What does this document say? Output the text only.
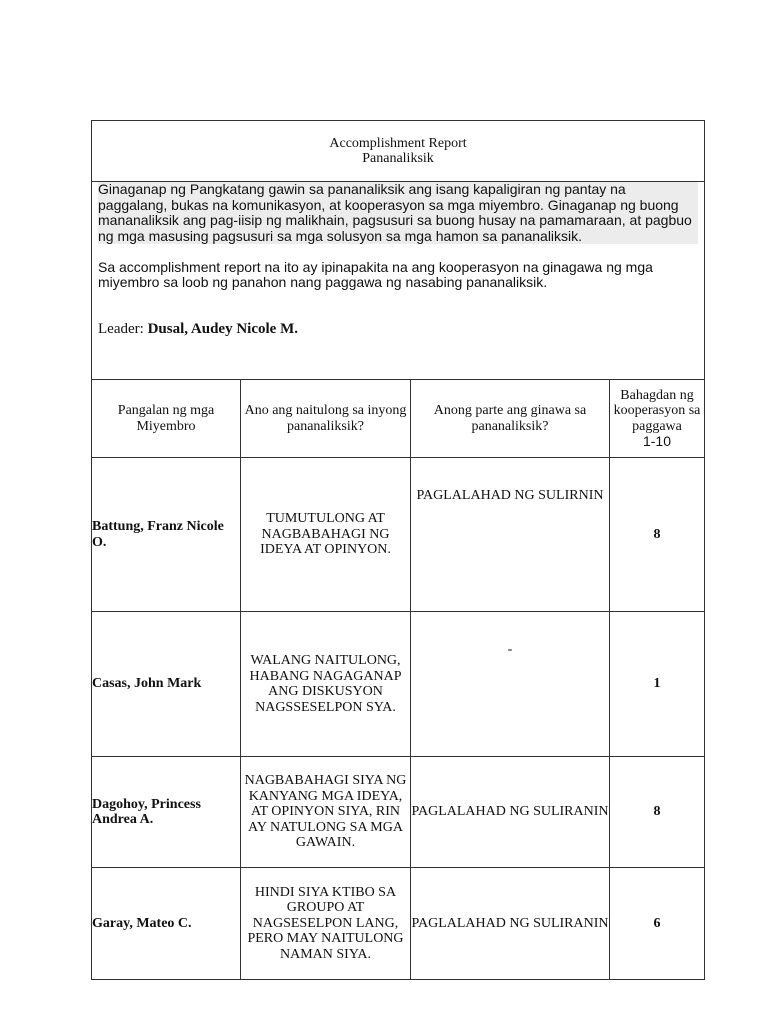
Accomplishment Report
Pananaliksik			

Ginaganap ng Pangkatang gawin sa pananaliksik ang isang kapaligiran ng pantay na paggalang, bukas na komunikasyon, at kooperasyon sa mga miyembro. Ginaganap ng buong mananaliksik ang pag-iisip ng malikhain, pagsusuri sa buong husay na pamamaraan, at pagbuo ng mga masusing pagsusuri sa mga solusyon sa mga hamon sa pananaliksik.

Sa accomplishment report na ito ay ipinapakita na ang kooperasyon na ginagawa ng mga miyembro sa loob ng panahon nang paggawa ng nasabing pananaliksik.

Leader: Dusal, Audey Nicole M.			

Pangalan ng mga Miyembro	Ano ang naitulong sa inyong pananaliksik?	Anong parte ang ginawa sa pananaliksik?	Bahagdan ng kooperasyon sa paggawa
1-10

Battung, Franz Nicole O.	TUMUTULONG AT NAGBABAHAGI NG IDEYA AT OPINYON.	PAGLALAHAD NG SULIRNIN	8
Casas, John Mark	WALANG NAITULONG, HABANG NAGAGANAP ANG DISKUSYON NAGSSESELPON SYA.	-	1
Dagohoy, Princess Andrea A.	NAGBABAHAGI SIYA NG KANYANG MGA IDEYA, AT OPINYON SIYA, RIN AY NATULONG SA MGA GAWAIN.	PAGLALAHAD NG SULIRANIN	8
Garay, Mateo C.	HINDI SIYA KTIBO SA GROUPO AT NAGSESELPON LANG, PERO MAY NAITULONG NAMAN SIYA.	PAGLALAHAD NG SULIRANIN	6
